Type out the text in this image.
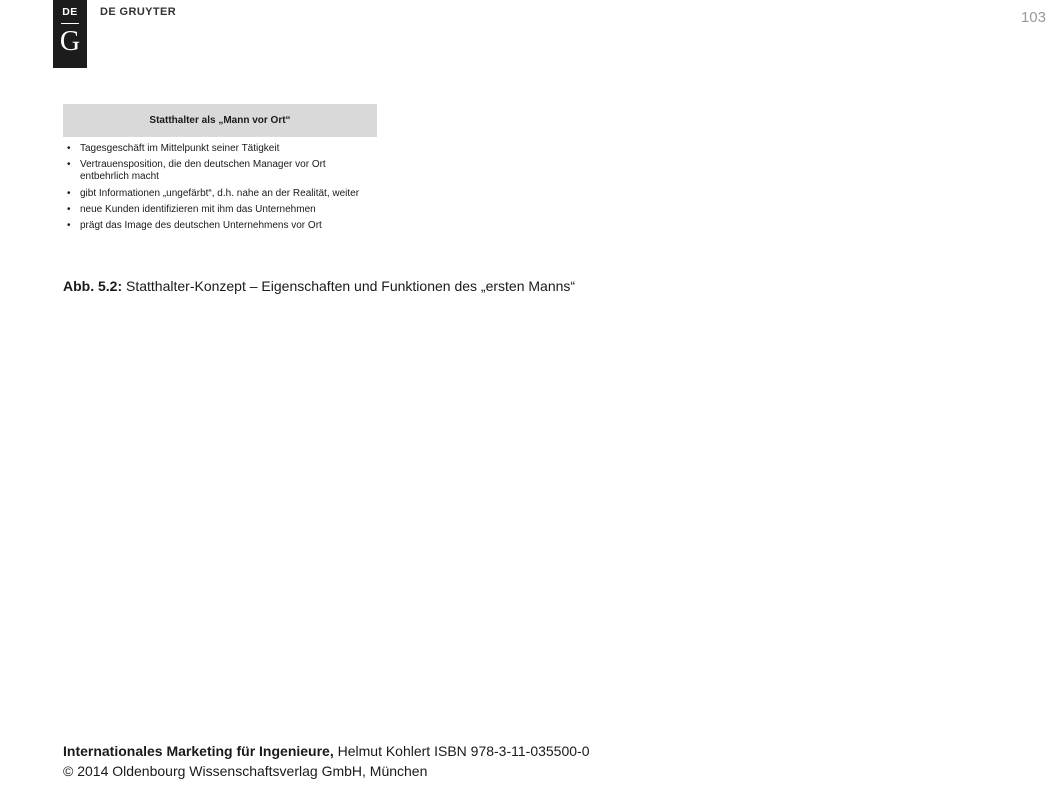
DE
G
DE GRUYTER	103
Statthalter als „Mann vor Ort“
• Tagesgeschäft im Mittelpunkt seiner Tätigkeit
• Vertrauensposition, die den deutschen Manager vor Ort entbehrlich macht
• gibt Informationen „ungefärbt“, d.h. nahe an der Realität, weiter
• neue Kunden identifizieren mit ihm das Unternehmen
• prägt das Image des deutschen Unternehmens vor Ort
Abb. 5.2: Statthalter-Konzept – Eigenschaften und Funktionen des „ersten Manns“
Internationales Marketing für Ingenieure, Helmut Kohlert ISBN 978-3-11-035500-0
© 2014 Oldenbourg Wissenschaftsverlag GmbH, München
